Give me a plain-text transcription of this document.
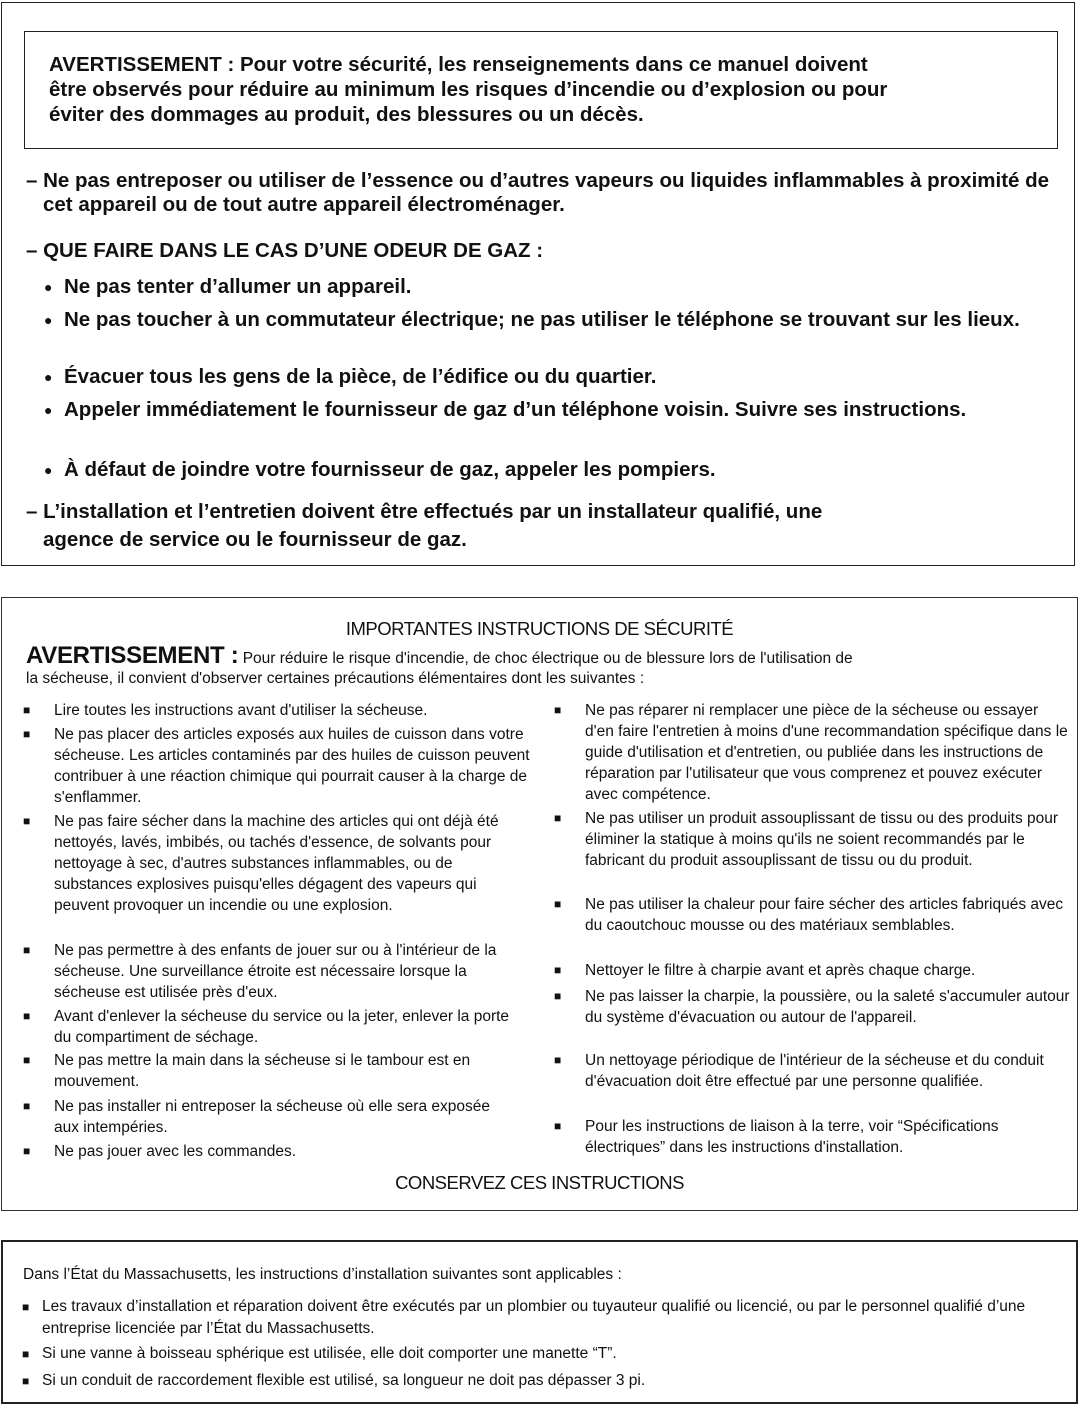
AVERTISSEMENT : Pour votre sécurité, les renseignements dans ce manuel doivent

être observés pour réduire au minimum les risques d’incendie ou d’explosion ou pour

éviter des dommages au produit, des blessures ou un décès.

– Ne pas entreposer ou utiliser de l’essence ou d’autres vapeurs ou liquides inflammables à proximité de cet appareil ou de tout autre appareil électroménager.
– QUE FAIRE DANS LE CAS D’UNE ODEUR DE GAZ :
● Ne pas tenter d’allumer un appareil.
● Ne pas toucher à un commutateur électrique; ne pas utiliser le téléphone se trouvant sur les lieux.
● Évacuer tous les gens de la pièce, de l’édifice ou du quartier.
● Appeler immédiatement le fournisseur de gaz d’un téléphone voisin. Suivre ses instructions.
● À défaut de joindre votre fournisseur de gaz, appeler les pompiers.
– L’installation et l’entretien doivent être effectués par un installateur qualifié, une
agence de service ou le fournisseur de gaz.
IMPORTANTES INSTRUCTIONS DE SÉCURITÉ
AVERTISSEMENT : Pour réduire le risque d'incendie, de choc électrique ou de blessure lors de l'utilisation de
la sécheuse, il convient d'observer certaines précautions élémentaires dont les suivantes :
■ Lire toutes les instructions avant d'utiliser la sécheuse.
■ Ne pas placer des articles exposés aux huiles de cuisson dans votre sécheuse. Les articles contaminés par des huiles de cuisson peuvent contribuer à une réaction chimique qui pourrait causer à la charge de s'enflammer.
■ Ne pas faire sécher dans la machine des articles qui ont déjà été nettoyés, lavés, imbibés, ou tachés d'essence, de solvants pour nettoyage à sec, d'autres substances inflammables, ou de substances explosives puisqu'elles dégagent des vapeurs qui peuvent provoquer un incendie ou une explosion.
■ Ne pas permettre à des enfants de jouer sur ou à l'intérieur de la sécheuse. Une surveillance étroite est nécessaire lorsque la sécheuse est utilisée près d'eux.
■ Avant d'enlever la sécheuse du service ou la jeter, enlever la porte du compartiment de séchage.
■ Ne pas mettre la main dans la sécheuse si le tambour est en mouvement.
■ Ne pas installer ni entreposer la sécheuse où elle sera exposée aux intempéries.
■ Ne pas jouer avec les commandes.
■ Ne pas réparer ni remplacer une pièce de la sécheuse ou essayer d'en faire l'entretien à moins d'une recommandation spécifique dans le guide d'utilisation et d'entretien, ou publiée dans les instructions de réparation par l'utilisateur que vous comprenez et pouvez exécuter avec compétence.
■ Ne pas utiliser un produit assouplissant de tissu ou des produits pour éliminer la statique à moins qu'ils ne soient recommandés par le fabricant du produit assouplissant de tissu ou du produit.
■ Ne pas utiliser la chaleur pour faire sécher des articles fabriqués avec du caoutchouc mousse ou des matériaux semblables.
■ Nettoyer le filtre à charpie avant et après chaque charge.
■ Ne pas laisser la charpie, la poussière, ou la saleté s'accumuler autour du système d'évacuation ou autour de l'appareil.
■ Un nettoyage périodique de l'intérieur de la sécheuse et du conduit d'évacuation doit être effectué par une personne qualifiée.
■ Pour les instructions de liaison à la terre, voir “Spécifications électriques” dans les instructions d'installation.
CONSERVEZ CES INSTRUCTIONS
Dans l’État du Massachusetts, les instructions d’installation suivantes sont applicables :
■ Les travaux d’installation et réparation doivent être exécutés par un plombier ou tuyauteur qualifié ou licencié, ou par le personnel qualifié d’une entreprise licenciée par l’État du Massachusetts.
■ Si une vanne à boisseau sphérique est utilisée, elle doit comporter une manette “T”.
■ Si un conduit de raccordement flexible est utilisé, sa longueur ne doit pas dépasser 3 pi.
